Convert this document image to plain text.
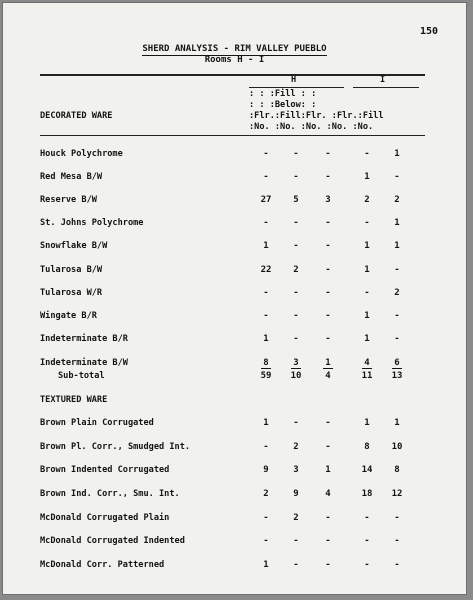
150
SHERD ANALYSIS - RIM VALLEY PUEBLO
Rooms H - I
H	I
: : :Fill : :
: : :Below: :
:Flr.:Fill:Flr. :Flr.:Fill
:No. :No. :No. :No. :No.
DECORATED WARE
Houck Polychrome	-	-	-	-	1
Red Mesa B/W	-	-	-	1	-
Reserve B/W	27	5	3	2	2
St. Johns Polychrome	-	-	-	-	1
Snowflake B/W	1	-	-	1	1
Tularosa B/W	22	2	-	1	-
Tularosa W/R	-	-	-	-	2
Wingate B/R	-	-	-	1	-
Indeterminate B/R	1	-	-	1	-
Indeterminate B/W	8	3	1	4	6
Sub-total	59	10	4	11	13
TEXTURED WARE
Brown Plain Corrugated	1	-	-	1	1
Brown Pl. Corr., Smudged Int.	-	2	-	8	10
Brown Indented Corrugated	9	3	1	14	8
Brown Ind. Corr., Smu. Int.	2	9	4	18	12
McDonald Corrugated Plain	-	2	-	-	-
McDonald Corrugated Indented	-	-	-	-	-
McDonald Corr. Patterned	1	-	-	-	-
